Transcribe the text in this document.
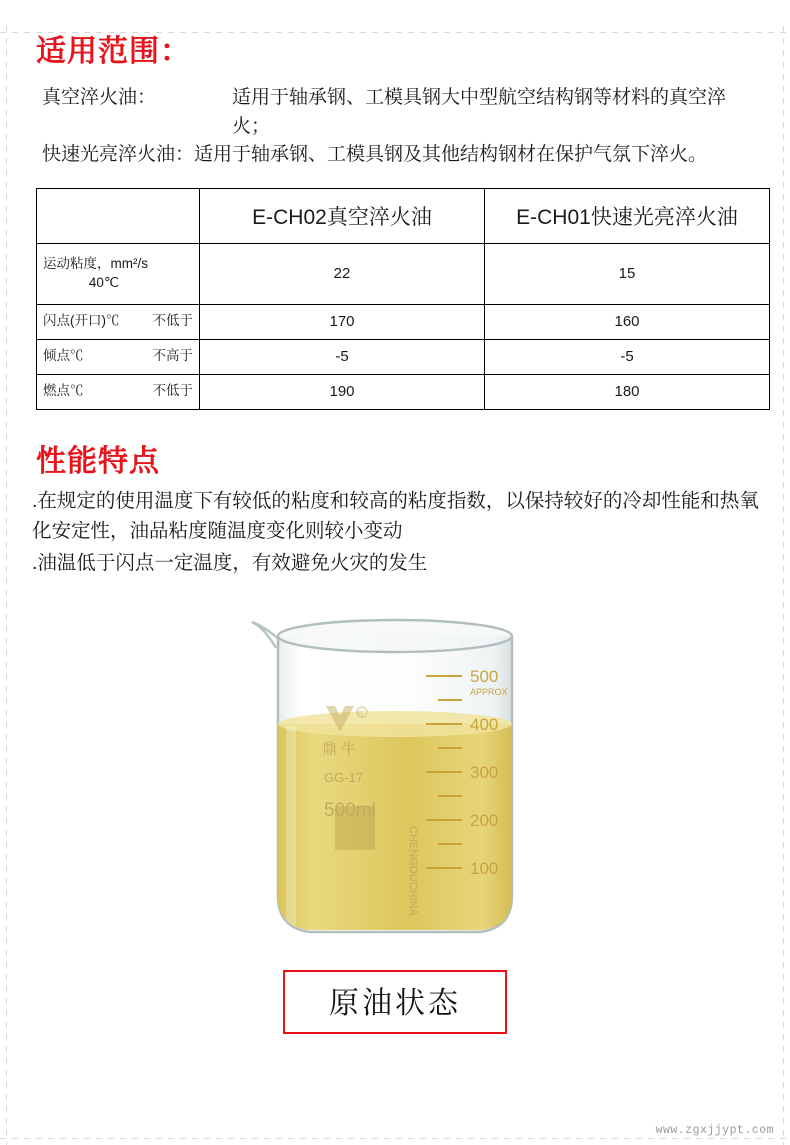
适用范围：
真空淬火油：	适用于轴承钢、工模具钢大中型航空结构钢等材料的真空淬火；
快速光亮淬火油： 适用于轴承钢、工模具钢及其他结构钢材在保护气氛下淬火。
	E-CH02真空淬火油	E-CH01快速光亮淬火油

运动粘度，mm²/s
40℃	22	15

闪点(开口)℃ 不低于	170	160

倾点℃ 不高于	-5	-5

燃点℃ 不低于	190	180
性能特点

.在规定的使用温度下有较低的粘度和较高的粘度指数，以保持较好的冷却性能和热氧化安定性，油品粘度随温度变化则较小变动

.油温低于闪点一定温度，有效避免火灾的发生

500
400
300
200
100
APPROX
鼎 牛
GG-17
500ml
CHENGDUCHINA
R
原油状态
www.zgxjjypt.com
